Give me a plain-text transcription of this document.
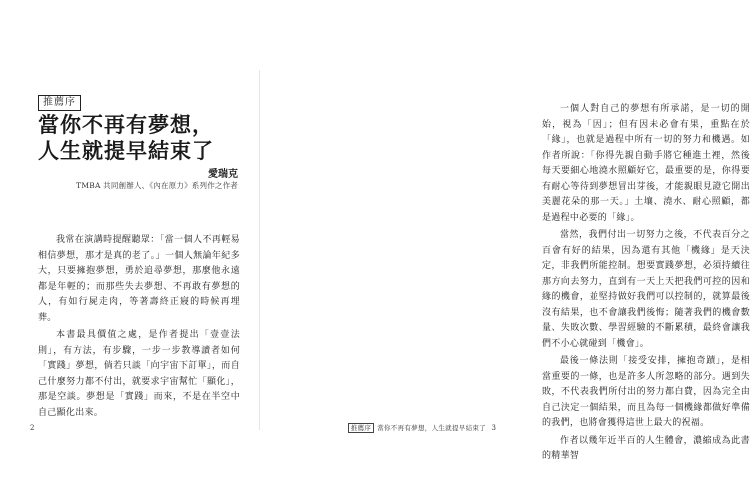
推薦序
當你不再有夢想，
人生就提早結束了
愛瑞克
TMBA 共同創辦人、《內在原力》系列作之作者

我常在演講時提醒聽眾：「當一個人不再輕易相信夢想，那才是真的老了。」一個人無論年紀多大，只要擁抱夢想，勇於追尋夢想，那麼他永遠都是年輕的；而那些失去夢想、不再敢有夢想的人，有如行屍走肉，等著壽終正寢的時候再埋葬。

本書最具價值之處，是作者提出「壹壹法則」，有方法，有步驟，一步一步教導讀者如何「實踐」夢想，倘若只談「向宇宙下訂單」，而自己什麼努力都不付出，就要求宇宙幫忙「顯化」，那是空談。夢想是「實踐」而來，不是在半空中自己顯化出來。

2

一個人對自己的夢想有所承諾，是一切的開始，視為「因」；但有因未必會有果，重點在於「緣」，也就是過程中所有一切的努力和機遇。如作者所說：「你得先親自動手將它種進土裡，然後每天要細心地澆水照顧好它，最重要的是，你得要有耐心等待到夢想冒出芽後，才能親眼見證它開出美麗花朵的那一天。」土壤、澆水、耐心照顧，都是過程中必要的「緣」。

當然，我們付出一切努力之後，不代表百分之百會有好的結果，因為還有其他「機緣」是天決定，非我們所能控制。想要實踐夢想，必須持續往那方向去努力，直到有一天上天把我們可控的因和緣的機會，並堅持做好我們可以控制的，就算最後沒有結果，也不會讓我們後悔；隨著我們的機會數量、失敗次數、學習經驗的不斷累積，最終會讓我們不小心就碰到「機會」。

最後一條法則「接受安排，擁抱奇蹟」，是相當重要的一條，也是許多人所忽略的部分。遇到失敗，不代表我們所付出的努力都白費，因為完全由自己決定一個結果，而且為每一個機緣都做好準備的我們，也將會獲得這世上最大的祝福。

作者以幾年近半百的人生體會，濃縮成為此書的精華智

推薦序 當你不再有夢想，人生就提早結束了 3
